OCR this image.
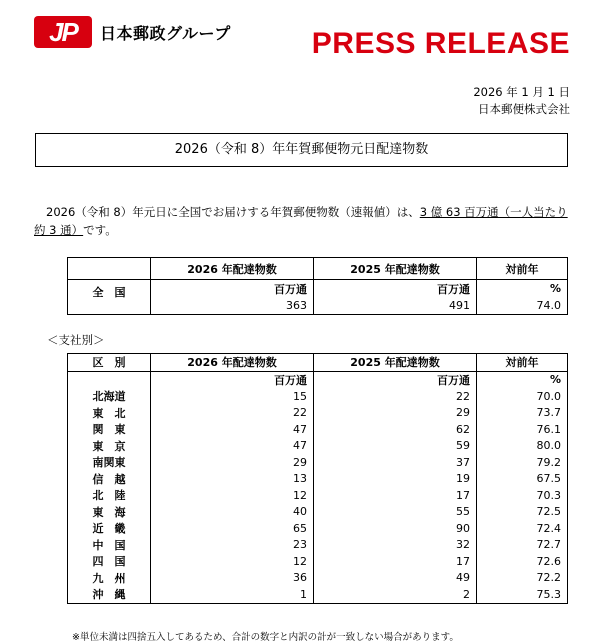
JP	日本郵政グループ	PRESS RELEASE
2026 年 1 月 1 日
日本郵便株式会社
2026（令和 8）年年賀郵便物元日配達物数
2026（令和 8）年元日に全国でお届けする年賀郵便物数（速報値）は、3 億 63 百万通（一人当たり約 3 通）です。
	2026 年配達物数	2025 年配達物数	対前年
全　国	百万通	百万通	%
	363	491	74.0
＜支社別＞
区　別	2026 年配達物数	2025 年配達物数	対前年
	百万通	百万通	%
北海道	15	22	70.0
東　北	22	29	73.7
関　東	47	62	76.1
東　京	47	59	80.0
南関東	29	37	79.2
信　越	13	19	67.5
北　陸	12	17	70.3
東　海	40	55	72.5
近　畿	65	90	72.4
中　国	23	32	72.7
四　国	12	17	72.6
九　州	36	49	72.2
沖　縄	1	2	75.3
※単位未満は四捨五入してあるため、合計の数字と内訳の計が一致しない場合があります。
